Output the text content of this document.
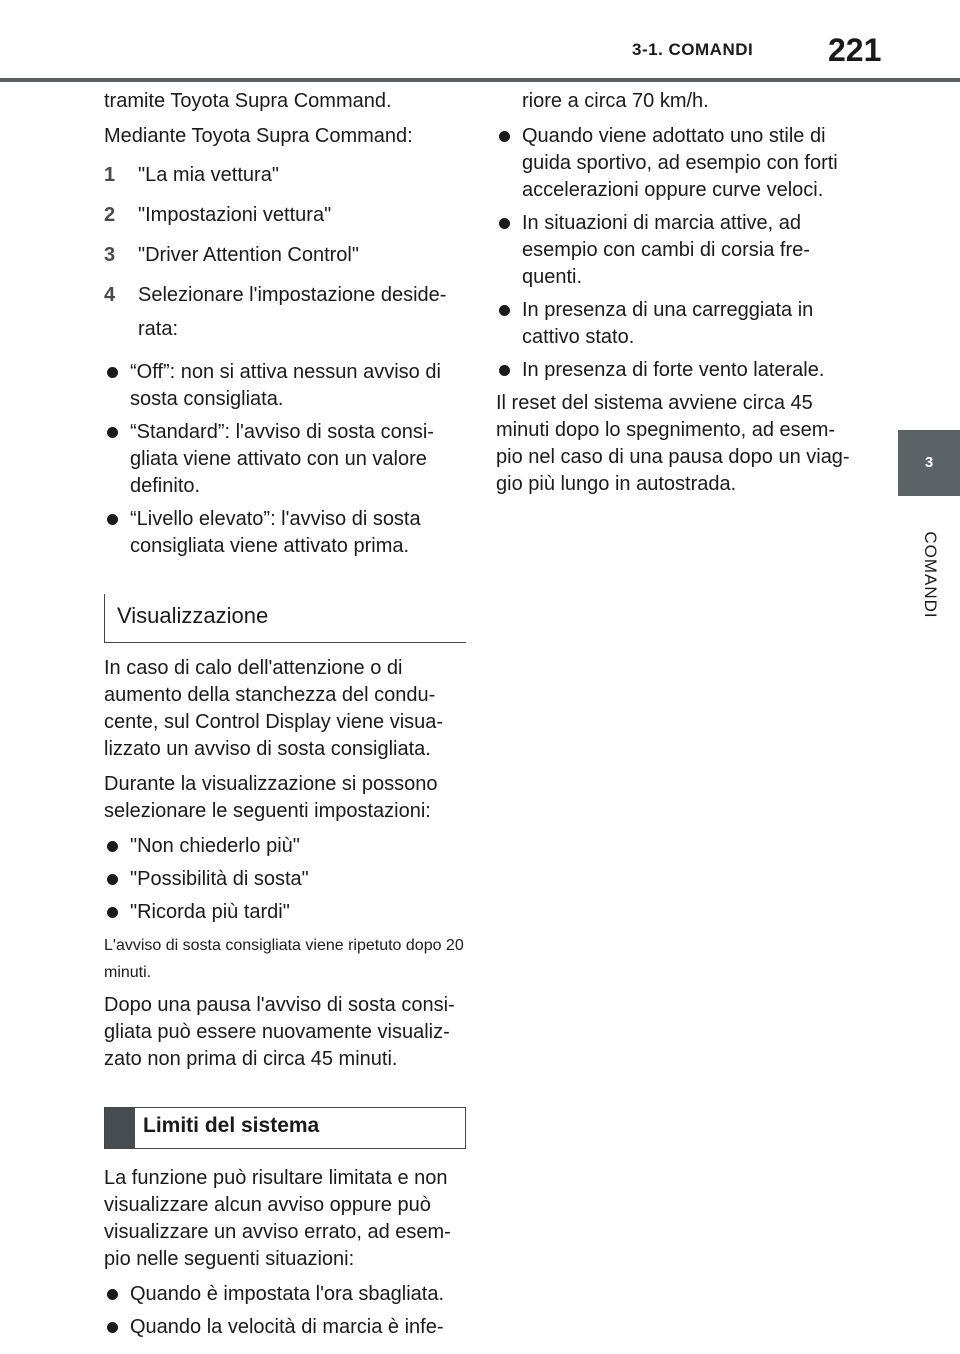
3-1. COMANDI 221
3
COMANDI

tramite Toyota Supra Command.

Mediante Toyota Supra Command:

1	"La mia vettura"
2	"Impostazioni vettura"
3	"Driver Attention Control"
4	Selezionare l'impostazione deside-rata:
“Off”: non si attiva nessun avviso di sosta consigliata.
“Standard”: l'avviso di sosta consi-gliata viene attivato con un valore definito.
“Livello elevato”: l'avviso di sosta consigliata viene attivato prima.
Visualizzazione

In caso di calo dell'attenzione o di aumento della stanchezza del condu-cente, sul Control Display viene visua-lizzato un avviso di sosta consigliata.

Durante la visualizzazione si possono selezionare le seguenti impostazioni:

"Non chiederlo più"
"Possibilità di sosta"
"Ricorda più tardi"

L'avviso di sosta consigliata viene ripetuto dopo 20 minuti.

Dopo una pausa l'avviso di sosta consi-gliata può essere nuovamente visualiz-zato non prima di circa 45 minuti.

Limiti del sistema

La funzione può risultare limitata e non visualizzare alcun avviso oppure può visualizzare un avviso errato, ad esem-pio nelle seguenti situazioni:

Quando è impostata l'ora sbagliata.
Quando la velocità di marcia è infe-

riore a circa 70 km/h.

Quando viene adottato uno stile di guida sportivo, ad esempio con forti accelerazioni oppure curve veloci.
In situazioni di marcia attive, ad esempio con cambi di corsia fre-quenti.
In presenza di una carreggiata in cattivo stato.
In presenza di forte vento laterale.

Il reset del sistema avviene circa 45 minuti dopo lo spegnimento, ad esem-pio nel caso di una pausa dopo un viag-gio più lungo in autostrada.
